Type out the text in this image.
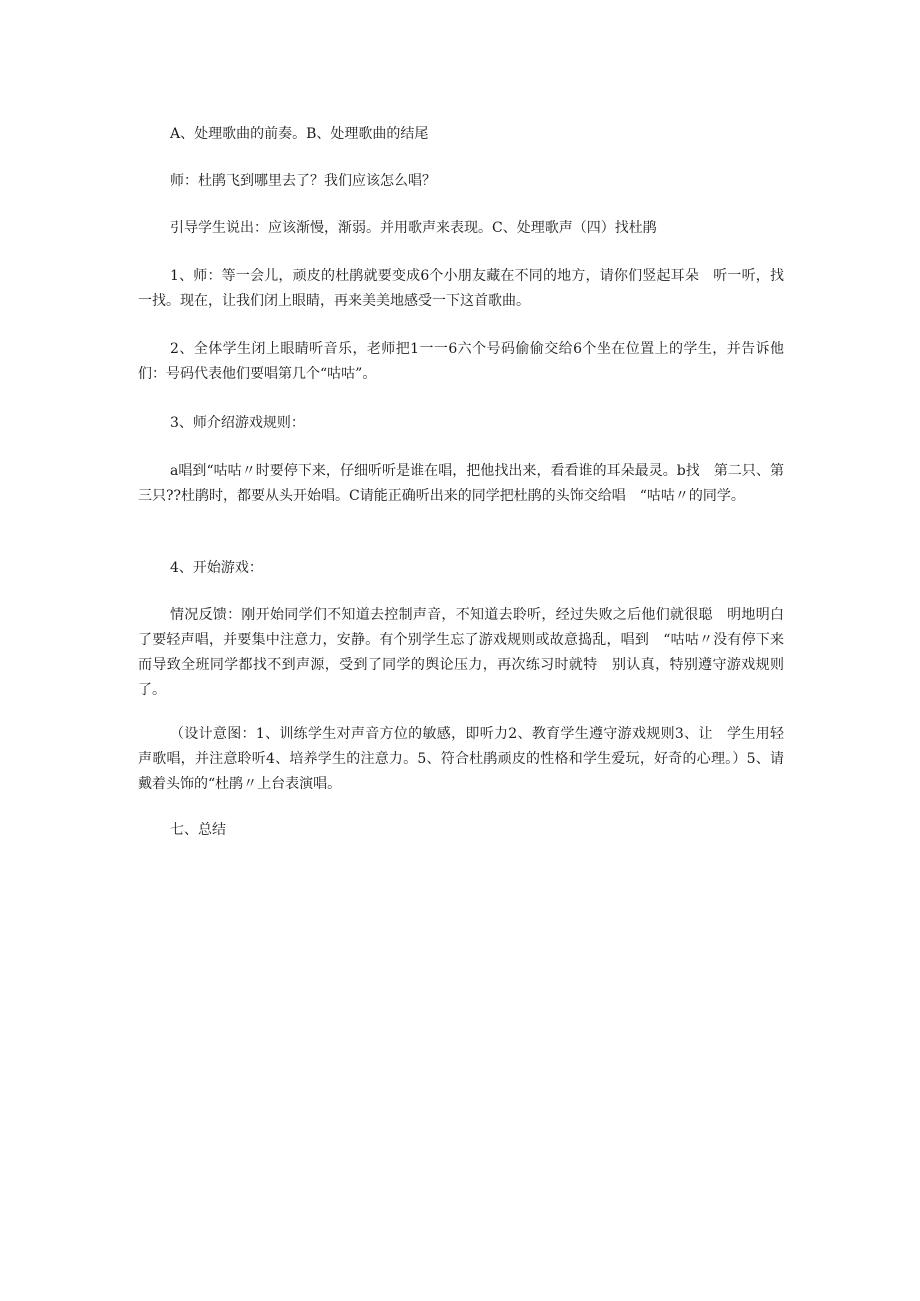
A、处理歌曲的前奏。B、处理歌曲的结尾

师：杜鹃飞到哪里去了？我们应该怎么唱？

引导学生说出：应该渐慢，渐弱。并用歌声来表现。C、处理歌声（四）找杜鹃

1、师：等一会儿，顽皮的杜鹃就要变成6个小朋友藏在不同的地方，请你们竖起耳朵　听一听，找一找。现在，让我们闭上眼睛，再来美美地感受一下这首歌曲。

2、全体学生闭上眼睛听音乐，老师把1一一6六个号码偷偷交给6个坐在位置上的学生，并告诉他们：号码代表他们要唱第几个“咕咕”。

3、师介绍游戏规则：

a唱到“咕咕〃时要停下来，仔细听听是谁在唱，把他找出来，看看谁的耳朵最灵。b找　第二只、第三只??杜鹃时，都要从头开始唱。C请能正确听出来的同学把杜鹃的头饰交给唱　“咕咕〃的同学。

4、开始游戏：

情况反馈：刚开始同学们不知道去控制声音，不知道去聆听，经过失败之后他们就很聪　明地明白了要轻声唱，并要集中注意力，安静。有个别学生忘了游戏规则或故意捣乱，唱到　“咕咕〃没有停下来而导致全班同学都找不到声源，受到了同学的舆论压力，再次练习时就特　别认真，特别遵守游戏规则了。

（设计意图：1、训练学生对声音方位的敏感，即听力2、教育学生遵守游戏规则3、让　学生用轻声歌唱，并注意聆听4、培养学生的注意力。5、符合杜鹃顽皮的性格和学生爱玩，好奇的心理。）5、请戴着头饰的“杜鹃〃上台表演唱。

七、总结
